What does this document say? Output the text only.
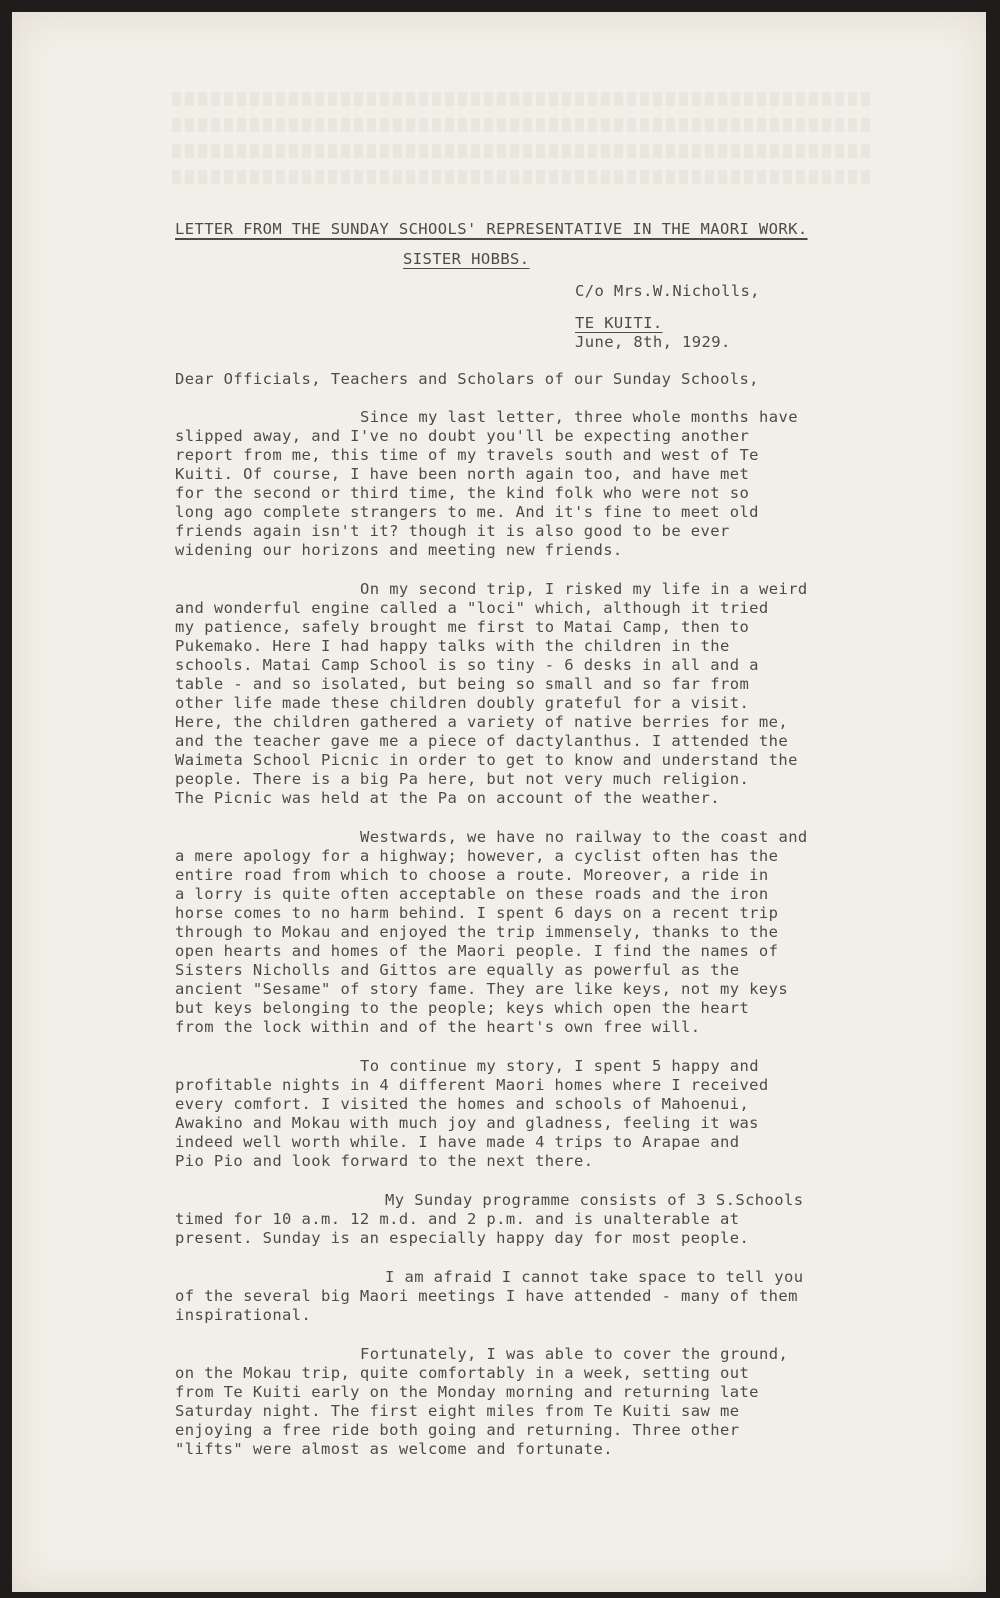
LETTER FROM THE SUNDAY SCHOOLS' REPRESENTATIVE IN THE MAORI WORK.

SISTER HOBBS.

C/o Mrs.W.Nicholls,
TE KUITI.
June, 8th, 1929.

Dear Officials, Teachers and Scholars of our Sunday Schools,

Since my last letter, three whole months have
slipped away, and I've no doubt you'll be expecting another
report from me, this time of my travels south and west of Te
Kuiti. Of course, I have been north again too, and have met
for the second or third time, the kind folk who were not so
long ago complete strangers to me. And it's fine to meet old
friends again isn't it? though it is also good to be ever
widening our horizons and meeting new friends.
On my second trip, I risked my life in a weird
and wonderful engine called a "loci" which, although it tried
my patience, safely brought me first to Matai Camp, then to
Pukemako. Here I had happy talks with the children in the
schools. Matai Camp School is so tiny - 6 desks in all and a
table - and so isolated, but being so small and so far from
other life made these children doubly grateful for a visit.
Here, the children gathered a variety of native berries for me,
and the teacher gave me a piece of dactylanthus. I attended the
Waimeta School Picnic in order to get to know and understand the
people. There is a big Pa here, but not very much religion.
The Picnic was held at the Pa on account of the weather.
Westwards, we have no railway to the coast and
a mere apology for a highway; however, a cyclist often has the
entire road from which to choose a route. Moreover, a ride in
a lorry is quite often acceptable on these roads and the iron
horse comes to no harm behind. I spent 6 days on a recent trip
through to Mokau and enjoyed the trip immensely, thanks to the
open hearts and homes of the Maori people. I find the names of
Sisters Nicholls and Gittos are equally as powerful as the
ancient "Sesame" of story fame. They are like keys, not my keys
but keys belonging to the people; keys which open the heart
from the lock within and of the heart's own free will.
To continue my story, I spent 5 happy and
profitable nights in 4 different Maori homes where I received
every comfort. I visited the homes and schools of Mahoenui,
Awakino and Mokau with much joy and gladness, feeling it was
indeed well worth while. I have made 4 trips to Arapae and
Pio Pio and look forward to the next there.
My Sunday programme consists of 3 S.Schools
timed for 10 a.m. 12 m.d. and 2 p.m. and is unalterable at
present. Sunday is an especially happy day for most people.
I am afraid I cannot take space to tell you
of the several big Maori meetings I have attended - many of them
inspirational.
Fortunately, I was able to cover the ground,
on the Mokau trip, quite comfortably in a week, setting out
from Te Kuiti early on the Monday morning and returning late
Saturday night. The first eight miles from Te Kuiti saw me
enjoying a free ride both going and returning. Three other
"lifts" were almost as welcome and fortunate.
